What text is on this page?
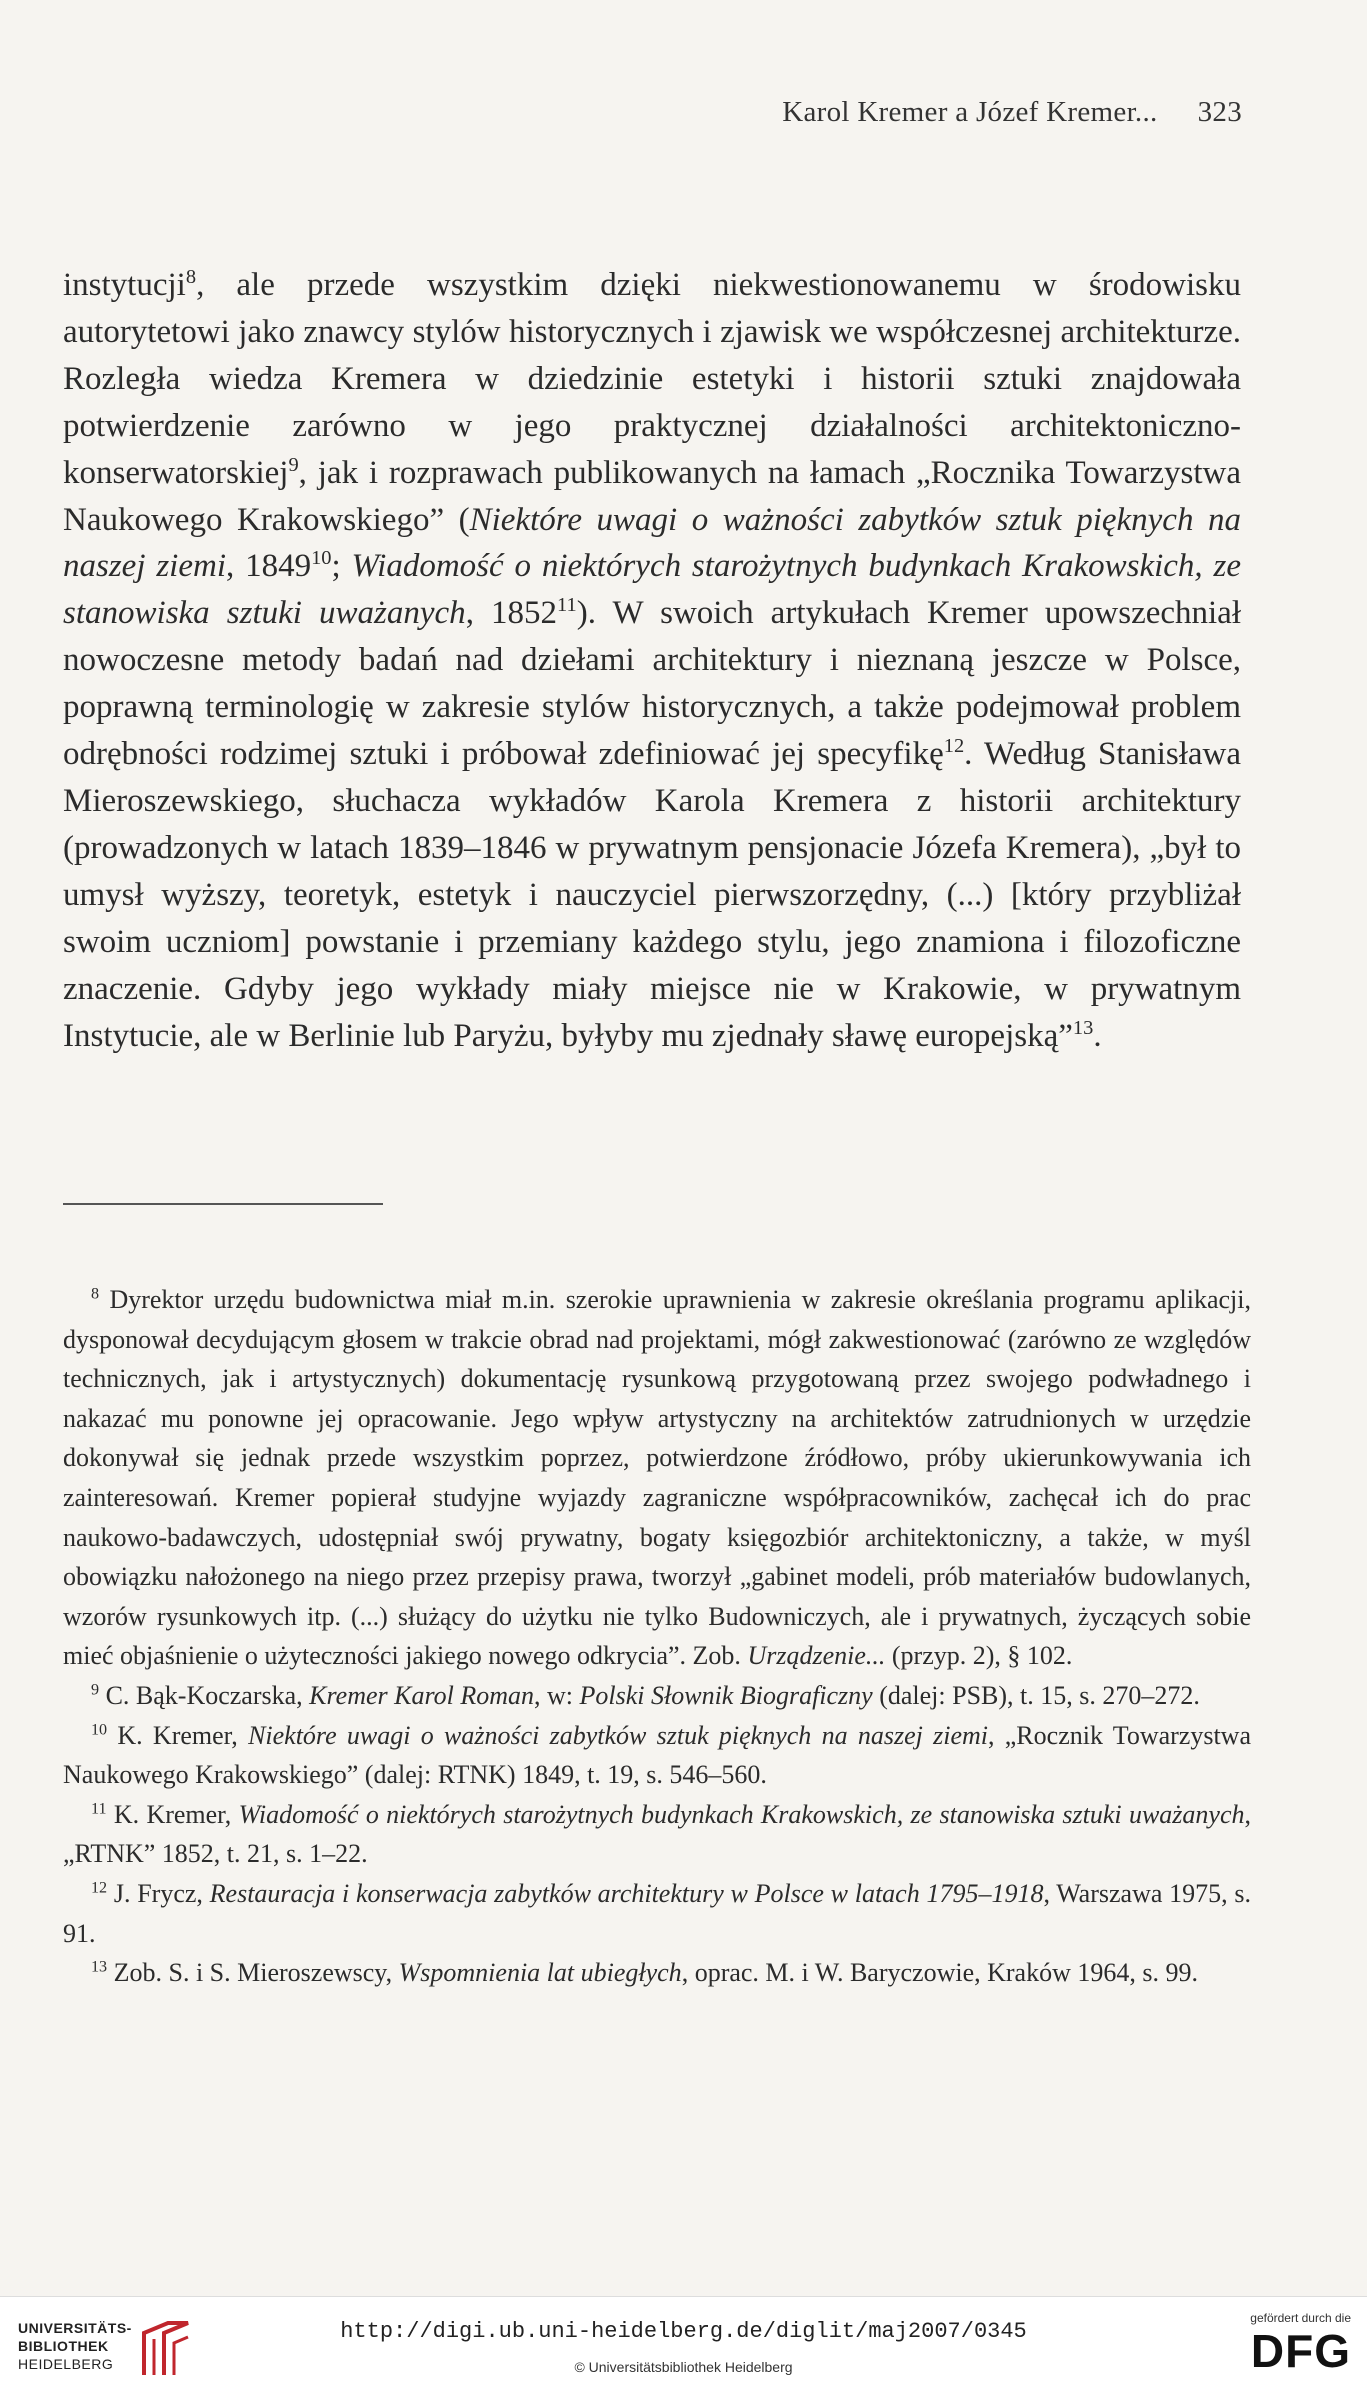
Karol Kremer a Józef Kremer... 323
instytucji$^8$, ale przede wszystkim dzięki niekwestionowanemu w środowisku autorytetowi jako znawcy stylów historycznych i zjawisk we współczesnej architekturze. Rozległa wiedza Kremera w dziedzinie estetyki i historii sztuki znajdowała potwierdzenie zarówno w jego praktycznej działalności architektoniczno-konserwatorskiej$^9$, jak i rozprawach publikowanych na łamach „Rocznika Towarzystwa Naukowego Krakowskiego” (Niektóre uwagi o ważności zabytków sztuk pięknych na naszej ziemi, 1849$^{10}$; Wiadomość o niektórych starożytnych budynkach Krakowskich, ze stanowiska sztuki uważanych, 1852$^{11}$). W swoich artykułach Kremer upowszechniał nowoczesne metody badań nad dziełami architektury i nieznaną jeszcze w Polsce, poprawną terminologię w zakresie stylów historycznych, a także podejmował problem odrębności rodzimej sztuki i próbował zdefiniować jej specyfikę$^{12}$. Według Stanisława Mieroszewskiego, słuchacza wykładów Karola Kremera z historii architektury (prowadzonych w latach 1839–1846 w prywatnym pensjonacie Józefa Kremera), „był to umysł wyższy, teoretyk, estetyk i nauczyciel pierwszorzędny, (...) [który przybliżał swoim uczniom] powstanie i przemiany każdego stylu, jego znamiona i filozoficzne znaczenie. Gdyby jego wykłady miały miejsce nie w Krakowie, w prywatnym Instytucie, ale w Berlinie lub Paryżu, byłyby mu zjednały sławę europejską”$^{13}$.

$^8$ Dyrektor urzędu budownictwa miał m.in. szerokie uprawnienia w zakresie określania programu aplikacji, dysponował decydującym głosem w trakcie obrad nad projektami, mógł zakwestionować (zarówno ze względów technicznych, jak i artystycznych) dokumentację rysunkową przygotowaną przez swojego podwładnego i nakazać mu ponowne jej opracowanie. Jego wpływ artystyczny na architektów zatrudnionych w urzędzie dokonywał się jednak przede wszystkim poprzez, potwierdzone źródłowo, próby ukierunkowywania ich zainteresowań. Kremer popierał studyjne wyjazdy zagraniczne współpracowników, zachęcał ich do prac naukowo-badawczych, udostępniał swój prywatny, bogaty księgozbiór architektoniczny, a także, w myśl obowiązku nałożonego na niego przez przepisy prawa, tworzył „gabinet modeli, prób materiałów budowlanych, wzorów rysunkowych itp. (...) służący do użytku nie tylko Budowniczych, ale i prywatnych, życzących sobie mieć objaśnienie o użyteczności jakiego nowego odkrycia”. Zob. Urządzenie... (przyp. 2), § 102.

$^9$ C. Bąk-Koczarska, Kremer Karol Roman, w: Polski Słownik Biograficzny (dalej: PSB), t. 15, s. 270–272.

$^{10}$ K. Kremer, Niektóre uwagi o ważności zabytków sztuk pięknych na naszej ziemi, „Rocznik Towarzystwa Naukowego Krakowskiego” (dalej: RTNK) 1849, t. 19, s. 546–560.

$^{11}$ K. Kremer, Wiadomość o niektórych starożytnych budynkach Krakowskich, ze stanowiska sztuki uważanych, „RTNK” 1852, t. 21, s. 1–22.

$^{12}$ J. Frycz, Restauracja i konserwacja zabytków architektury w Polsce w latach 1795–1918, Warszawa 1975, s. 91.

$^{13}$ Zob. S. i S. Mieroszewscy, Wspomnienia lat ubiegłych, oprac. M. i W. Baryczowie, Kraków 1964, s. 99.

UNIVERSITÄTS-
BIBLIOTHEK
HEIDELBERG
http://digi.ub.uni-heidelberg.de/diglit/maj2007/0345
© Universitätsbibliothek Heidelberg
gefördert durch die
DFG
